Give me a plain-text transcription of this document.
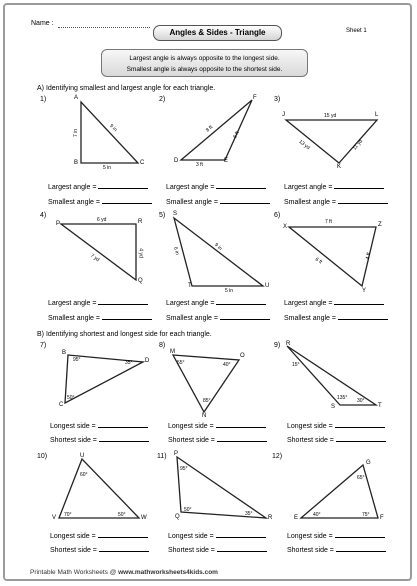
Name :
Sheet 1
Angles & Sides - Triangle
Largest angle is always opposite to the longest side.
Smallest angle is always opposite to the shortest side.
A) Identifying smallest and largest angle for each triangle.
B) Identifying shortest and longest side for each triangle.
1)	2)	3)
4)	5)	6)
7)	8)	9)
10)	11)	12)
A
B	C
7 in
5 in
9 in
F
D	E
8 ft
6 ft
3 ft
J	L
K
15 yd
13 yd	11 yd
P	R
Q
6 yd
4 yd
7 yd
S
T	U
6 in	9 in
5 in
X	Z
Y
7 ft
6 ft
4 ft
B
D
C
95°	35°
50°
M
O
N
55°	40°
85°
R
S	T
15°
135° 30°
U
V	W
60°
70°	50°
P
Q	R
95°
50°
35°
G
E	F
65°
40°	75°
Largest angle =
Smallest angle =
Largest angle =
Smallest angle =
Largest angle =
Smallest angle =
Largest angle =
Smallest angle =
Largest angle =
Smallest angle =
Largest angle =
Smallest angle =
Longest side =
Shortest side =
Longest side =
Shortest side =
Longest side =
Shortest side =
Longest side =
Shortest side =
Longest side =
Shortest side =
Longest side =
Shortest side =
Printable Math Worksheets @ www.mathworksheets4kids.com
